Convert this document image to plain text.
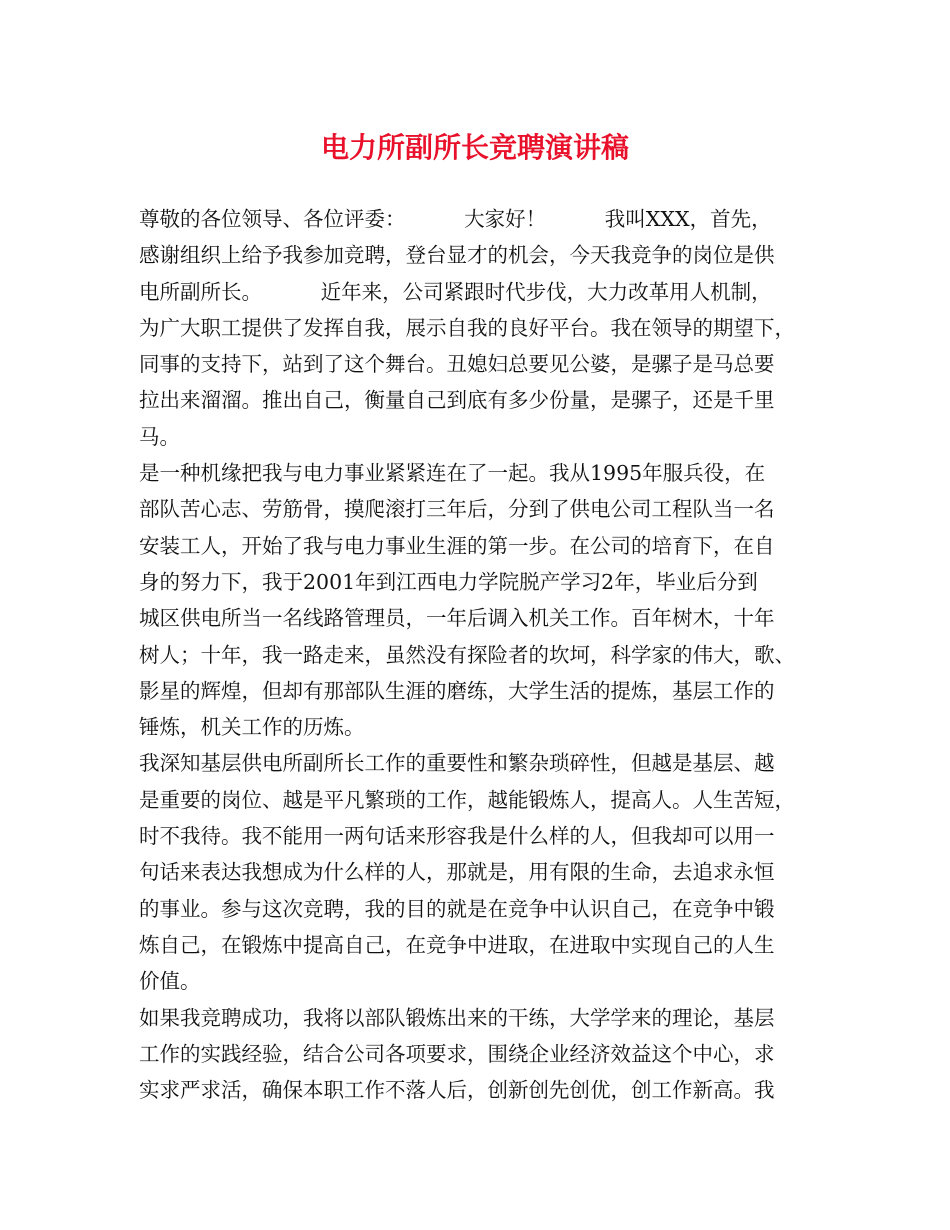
电力所副所长竞聘演讲稿
尊敬的各位领导、各位评委：         大家好！         我叫XXX，首先，
感谢组织上给予我参加竞聘，登台显才的机会，今天我竞争的岗位是供
电所副所长。         近年来，公司紧跟时代步伐，大力改革用人机制，
为广大职工提供了发挥自我，展示自我的良好平台。我在领导的期望下，
同事的支持下，站到了这个舞台。丑媳妇总要见公婆，是骡子是马总要
拉出来溜溜。推出自己，衡量自己到底有多少份量，是骡子，还是千里
马。
是一种机缘把我与电力事业紧紧连在了一起。我从1995年服兵役，在
部队苦心志、劳筋骨，摸爬滚打三年后，分到了供电公司工程队当一名
安装工人，开始了我与电力事业生涯的第一步。在公司的培育下，在自
身的努力下，我于2001年到江西电力学院脱产学习2年，毕业后分到
城区供电所当一名线路管理员，一年后调入机关工作。百年树木，十年
树人；十年，我一路走来，虽然没有探险者的坎坷，科学家的伟大，歌、
影星的辉煌，但却有那部队生涯的磨练，大学生活的提炼，基层工作的
锤炼，机关工作的历炼。
我深知基层供电所副所长工作的重要性和繁杂琐碎性，但越是基层、越
是重要的岗位、越是平凡繁琐的工作，越能锻炼人，提高人。人生苦短，
时不我待。我不能用一两句话来形容我是什么样的人，但我却可以用一
句话来表达我想成为什么样的人，那就是，用有限的生命，去追求永恒
的事业。参与这次竞聘，我的目的就是在竞争中认识自己，在竞争中锻
炼自己，在锻炼中提高自己，在竞争中进取，在进取中实现自己的人生
价值。
如果我竞聘成功，我将以部队锻炼出来的干练，大学学来的理论，基层
工作的实践经验，结合公司各项要求，围绕企业经济效益这个中心，求
实求严求活，确保本职工作不落人后，创新创先创优，创工作新高。我
